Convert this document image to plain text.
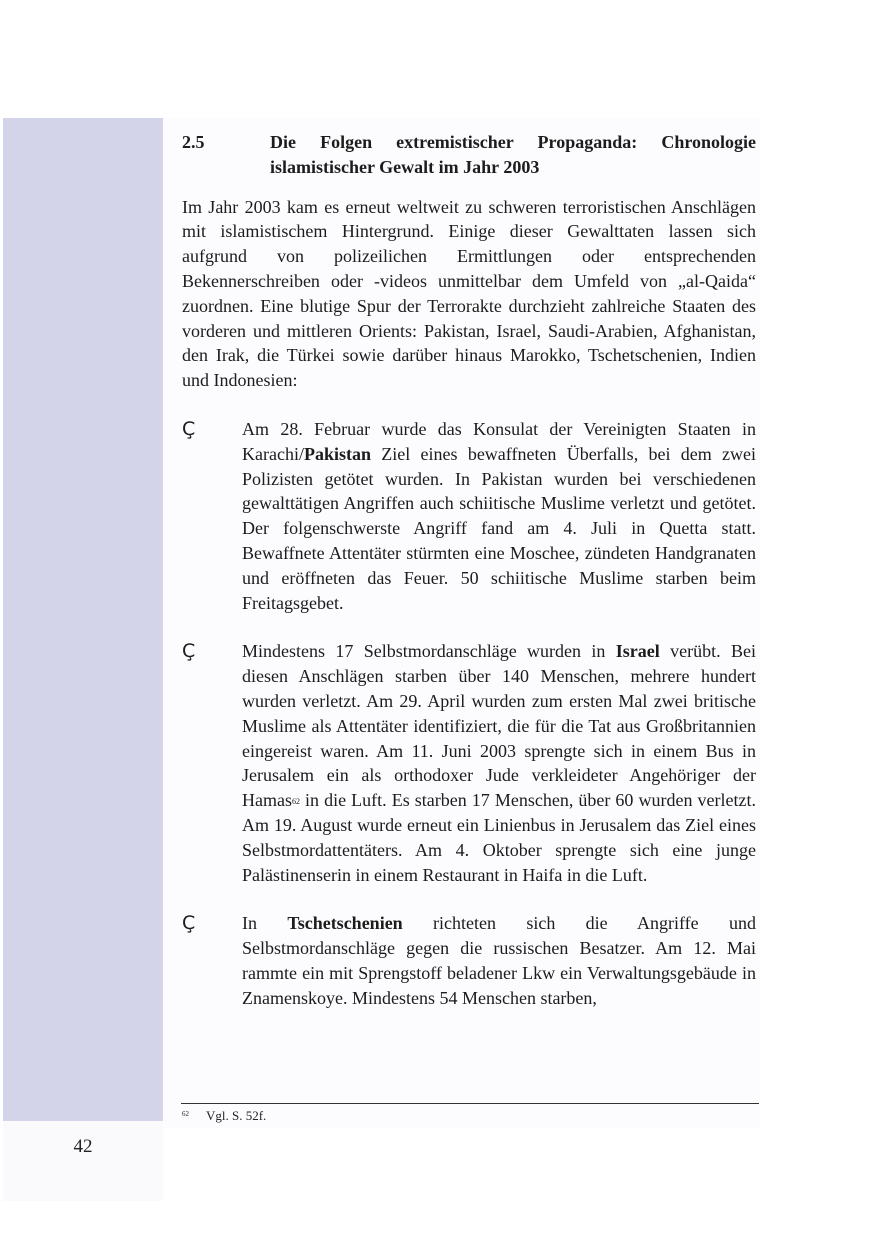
42
2.5	Die Folgen extremistischer Propaganda: Chronologie islamistischer Gewalt im Jahr 2003

Im Jahr 2003 kam es erneut weltweit zu schweren terroristischen Anschlägen mit islamistischem Hintergrund. Einige dieser Gewalttaten lassen sich aufgrund von polizeilichen Ermittlungen oder entsprechenden Bekennerschreiben oder -videos unmittelbar dem Umfeld von „al-Qaida“ zuordnen. Eine blutige Spur der Terrorakte durchzieht zahlreiche Staaten des vorderen und mittleren Orients: Pakistan, Israel, Saudi-Arabien, Afghanistan, den Irak, die Türkei sowie darüber hinaus Marokko, Tschetschenien, Indien und Indonesien:

Ç	Am 28. Februar wurde das Konsulat der Vereinigten Staaten in Karachi/Pakistan Ziel eines bewaffneten Überfalls, bei dem zwei Polizisten getötet wurden. In Pakistan wurden bei verschiedenen gewalttätigen Angriffen auch schiitische Muslime verletzt und getötet. Der folgenschwerste Angriff fand am 4. Juli in Quetta statt. Bewaffnete Attentäter stürmten eine Moschee, zündeten Handgranaten und eröffneten das Feuer. 50 schiitische Muslime starben beim Freitagsgebet.

Ç	Mindestens 17 Selbstmordanschläge wurden in Israel verübt. Bei diesen Anschlägen starben über 140 Menschen, mehrere hundert wurden verletzt. Am 29. April wurden zum ersten Mal zwei britische Muslime als Attentäter identifiziert, die für die Tat aus Großbritannien eingereist waren. Am 11. Juni 2003 sprengte sich in einem Bus in Jerusalem ein als orthodoxer Jude verkleideter Angehöriger der Hamas$^{62}$ in die Luft. Es starben 17 Menschen, über 60 wurden verletzt. Am 19. August wurde erneut ein Linienbus in Jerusalem das Ziel eines Selbstmordattentäters. Am 4. Oktober sprengte sich eine junge Palästinenserin in einem Restaurant in Haifa in die Luft.

Ç	In Tschetschenien richteten sich die Angriffe und Selbstmordanschläge gegen die russischen Besatzer. Am 12. Mai rammte ein mit Sprengstoff beladener Lkw ein Verwaltungsgebäude in Znamenskoye. Mindestens 54 Menschen starben,

62	Vgl. S. 52f.
